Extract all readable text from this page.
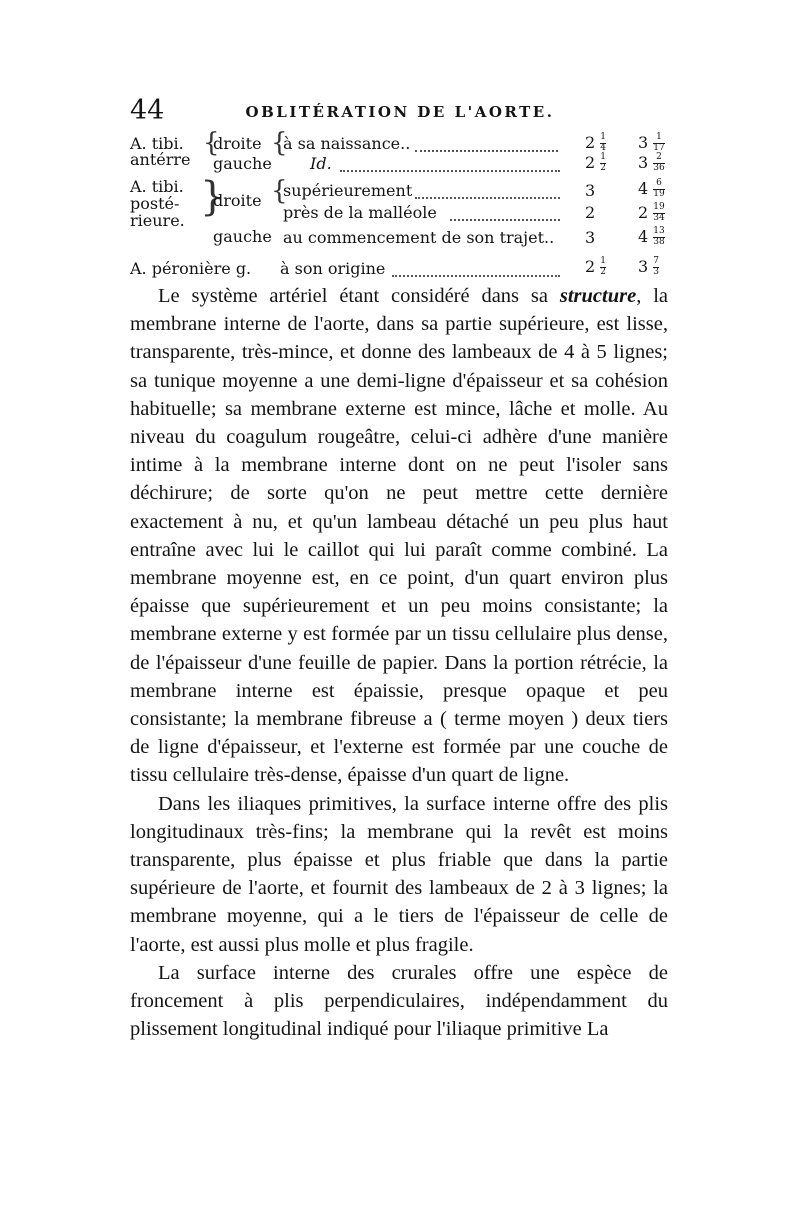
44	OBLITÉRATION DE L'AORTE.
A. tibi.
antérre
{
droite
gauche
{
à sa naissance..
Id.
$2 \frac{1}{4}$
$2 \frac{1}{2}$
$3 \frac{1}{17}$
$3 \frac{2}{36}$
A. tibi.
posté-
rieure.
}
droite
gauche
{
supérieurement
près de la malléole
au commencement de son trajet..
3
2
3
$4 \frac{6}{19}$
$2 \frac{19}{34}$
$4 \frac{13}{38}$
A. péronière g. à son origine	$2 \frac{1}{2} 3 \frac{7}{3}$

Le système artériel étant considéré dans sa structure, la membrane interne de l'aorte, dans sa partie supérieure, est lisse, transparente, très-mince, et donne des lambeaux de 4 à 5 lignes; sa tunique moyenne a une demi-ligne d'épaisseur et sa cohésion habituelle; sa membrane externe est mince, lâche et molle. Au niveau du coagulum rougeâtre, celui-ci adhère d'une manière intime à la membrane interne dont on ne peut l'isoler sans déchirure; de sorte qu'on ne peut mettre cette dernière exactement à nu, et qu'un lambeau détaché un peu plus haut entraîne avec lui le caillot qui lui paraît comme combiné. La membrane moyenne est, en ce point, d'un quart environ plus épaisse que supérieurement et un peu moins consistante; la membrane externe y est formée par un tissu cellulaire plus dense, de l'épaisseur d'une feuille de papier. Dans la portion rétrécie, la membrane interne est épaissie, presque opaque et peu consistante; la membrane fibreuse a ( terme moyen ) deux tiers de ligne d'épaisseur, et l'externe est formée par une couche de tissu cellulaire très-dense, épaisse d'un quart de ligne.

Dans les iliaques primitives, la surface interne offre des plis longitudinaux très-fins; la membrane qui la revêt est moins transparente, plus épaisse et plus friable que dans la partie supérieure de l'aorte, et fournit des lambeaux de 2 à 3 lignes; la membrane moyenne, qui a le tiers de l'épaisseur de celle de l'aorte, est aussi plus molle et plus fragile.

La surface interne des crurales offre une espèce de froncement à plis perpendiculaires, indépendamment du plissement longitudinal indiqué pour l'iliaque primitive La
